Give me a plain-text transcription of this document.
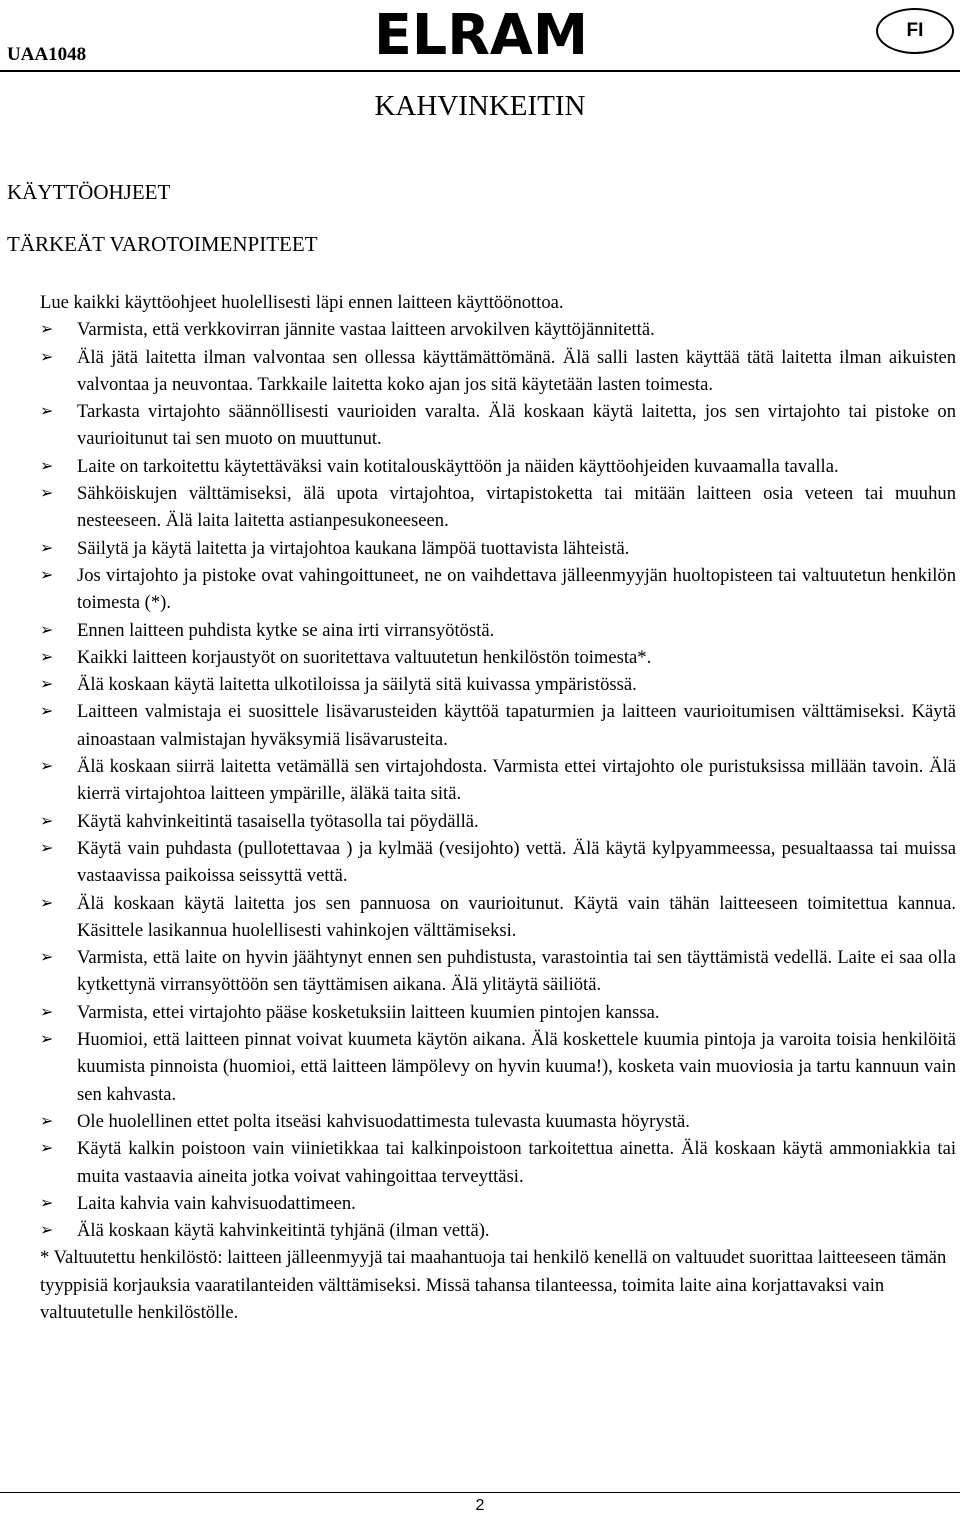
UAA1048	ELRAM	FI
KAHVINKEITIN
KÄYTTÖOHJEET
TÄRKEÄT VAROTOIMENPITEET

Lue kaikki käyttöohjeet huolellisesti läpi ennen laitteen käyttöönottoa.

➢ Varmista, että verkkovirran jännite vastaa laitteen arvokilven käyttöjännitettä.
➢ Älä jätä laitetta ilman valvontaa sen ollessa käyttämättömänä. Älä salli lasten käyttää tätä laitetta ilman aikuisten valvontaa ja neuvontaa. Tarkkaile laitetta koko ajan jos sitä käytetään lasten toimesta.
➢ Tarkasta virtajohto säännöllisesti vaurioiden varalta. Älä koskaan käytä laitetta, jos sen virtajohto tai pistoke on vaurioitunut tai sen muoto on muuttunut.
➢ Laite on tarkoitettu käytettäväksi vain kotitalouskäyttöön ja näiden käyttöohjeiden kuvaamalla tavalla.
➢ Sähköiskujen välttämiseksi, älä upota virtajohtoa, virtapistoketta tai mitään laitteen osia veteen tai muuhun nesteeseen. Älä laita laitetta astianpesukoneeseen.
➢ Säilytä ja käytä laitetta ja virtajohtoa kaukana lämpöä tuottavista lähteistä.
➢ Jos virtajohto ja pistoke ovat vahingoittuneet, ne on vaihdettava jälleenmyyjän huoltopisteen tai valtuutetun henkilön toimesta (*).
➢ Ennen laitteen puhdista kytke se aina irti virransyötöstä.
➢ Kaikki laitteen korjaustyöt on suoritettava valtuutetun henkilöstön toimesta*.
➢ Älä koskaan käytä laitetta ulkotiloissa ja säilytä sitä kuivassa ympäristössä.
➢ Laitteen valmistaja ei suosittele lisävarusteiden käyttöä tapaturmien ja laitteen vaurioitumisen välttämiseksi. Käytä ainoastaan valmistajan hyväksymiä lisävarusteita.
➢ Älä koskaan siirrä laitetta vetämällä sen virtajohdosta. Varmista ettei virtajohto ole puristuksissa millään tavoin. Älä kierrä virtajohtoa laitteen ympärille, äläkä taita sitä.
➢ Käytä kahvinkeitintä tasaisella työtasolla tai pöydällä.
➢ Käytä vain puhdasta (pullotettavaa ) ja kylmää (vesijohto) vettä. Älä käytä kylpyammeessa, pesualtaassa tai muissa vastaavissa paikoissa seissyttä vettä.
➢ Älä koskaan käytä laitetta jos sen pannuosa on vaurioitunut. Käytä vain tähän laitteeseen toimitettua kannua. Käsittele lasikannua huolellisesti vahinkojen välttämiseksi.
➢ Varmista, että laite on hyvin jäähtynyt ennen sen puhdistusta, varastointia tai sen täyttämistä vedellä. Laite ei saa olla kytkettynä virransyöttöön sen täyttämisen aikana. Älä ylitäytä säiliötä.
➢ Varmista, ettei virtajohto pääse kosketuksiin laitteen kuumien pintojen kanssa.
➢ Huomioi, että laitteen pinnat voivat kuumeta käytön aikana. Älä koskettele kuumia pintoja ja varoita toisia henkilöitä kuumista pinnoista (huomioi, että laitteen lämpölevy on hyvin kuuma!), kosketa vain muoviosia ja tartu kannuun vain sen kahvasta.
➢ Ole huolellinen ettet polta itseäsi kahvisuodattimesta tulevasta kuumasta höyrystä.
➢ Käytä kalkin poistoon vain viinietikkaa tai kalkinpoistoon tarkoitettua ainetta. Älä koskaan käytä ammoniakkia tai muita vastaavia aineita jotka voivat vahingoittaa terveyttäsi.
➢ Laita kahvia vain kahvisuodattimeen.
➢ Älä koskaan käytä kahvinkeitintä tyhjänä (ilman vettä).

* Valtuutettu henkilöstö: laitteen jälleenmyyjä tai maahantuoja tai henkilö kenellä on valtuudet suorittaa laitteeseen tämän tyyppisiä korjauksia vaaratilanteiden välttämiseksi. Missä tahansa tilanteessa, toimita laite aina korjattavaksi vain valtuutetulle henkilöstölle.

2
